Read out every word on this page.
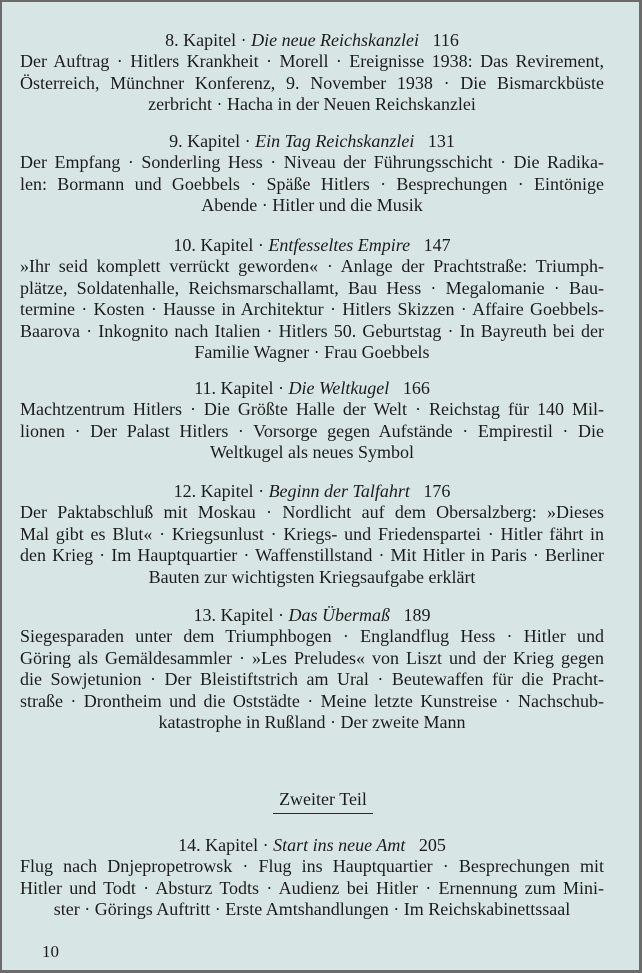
8. Kapitel · Die neue Reichskanzlei 116
Der Auftrag · Hitlers Krankheit · Morell · Ereignisse 1938: Das Revirement,
Österreich, Münchner Konferenz, 9. November 1938 · Die Bismarckbüste
zerbricht · Hacha in der Neuen Reichskanzlei
9. Kapitel · Ein Tag Reichskanzlei 131
Der Empfang · Sonderling Hess · Niveau der Führungsschicht · Die Radika-
len: Bormann und Goebbels · Späße Hitlers · Besprechungen · Eintönige
Abende · Hitler und die Musik
10. Kapitel · Entfesseltes Empire 147
»Ihr seid komplett verrückt geworden« · Anlage der Prachtstraße: Triumph-
plätze, Soldatenhalle, Reichsmarschallamt, Bau Hess · Megalomanie · Bau-
termine · Kosten · Hausse in Architektur · Hitlers Skizzen · Affaire Goebbels-
Baarova · Inkognito nach Italien · Hitlers 50. Geburtstag · In Bayreuth bei der
Familie Wagner · Frau Goebbels
11. Kapitel · Die Weltkugel 166
Machtzentrum Hitlers · Die Größte Halle der Welt · Reichstag für 140 Mil-
lionen · Der Palast Hitlers · Vorsorge gegen Aufstände · Empirestil · Die
Weltkugel als neues Symbol
12. Kapitel · Beginn der Talfahrt 176
Der Paktabschluß mit Moskau · Nordlicht auf dem Obersalzberg: »Dieses
Mal gibt es Blut« · Kriegsunlust · Kriegs- und Friedenspartei · Hitler fährt in
den Krieg · Im Hauptquartier · Waffenstillstand · Mit Hitler in Paris · Berliner
Bauten zur wichtigsten Kriegsaufgabe erklärt
13. Kapitel · Das Übermaß 189
Siegesparaden unter dem Triumphbogen · Englandflug Hess · Hitler und
Göring als Gemäldesammler · »Les Preludes« von Liszt und der Krieg gegen
die Sowjetunion · Der Bleistiftstrich am Ural · Beutewaffen für die Pracht-
straße · Drontheim und die Oststädte · Meine letzte Kunstreise · Nachschub-
katastrophe in Rußland · Der zweite Mann
Zweiter Teil
14. Kapitel · Start ins neue Amt 205
Flug nach Dnjepropetrowsk · Flug ins Hauptquartier · Besprechungen mit
Hitler und Todt · Absturz Todts · Audienz bei Hitler · Ernennung zum Mini-
ster · Görings Auftritt · Erste Amtshandlungen · Im Reichskabinettssaal
10
